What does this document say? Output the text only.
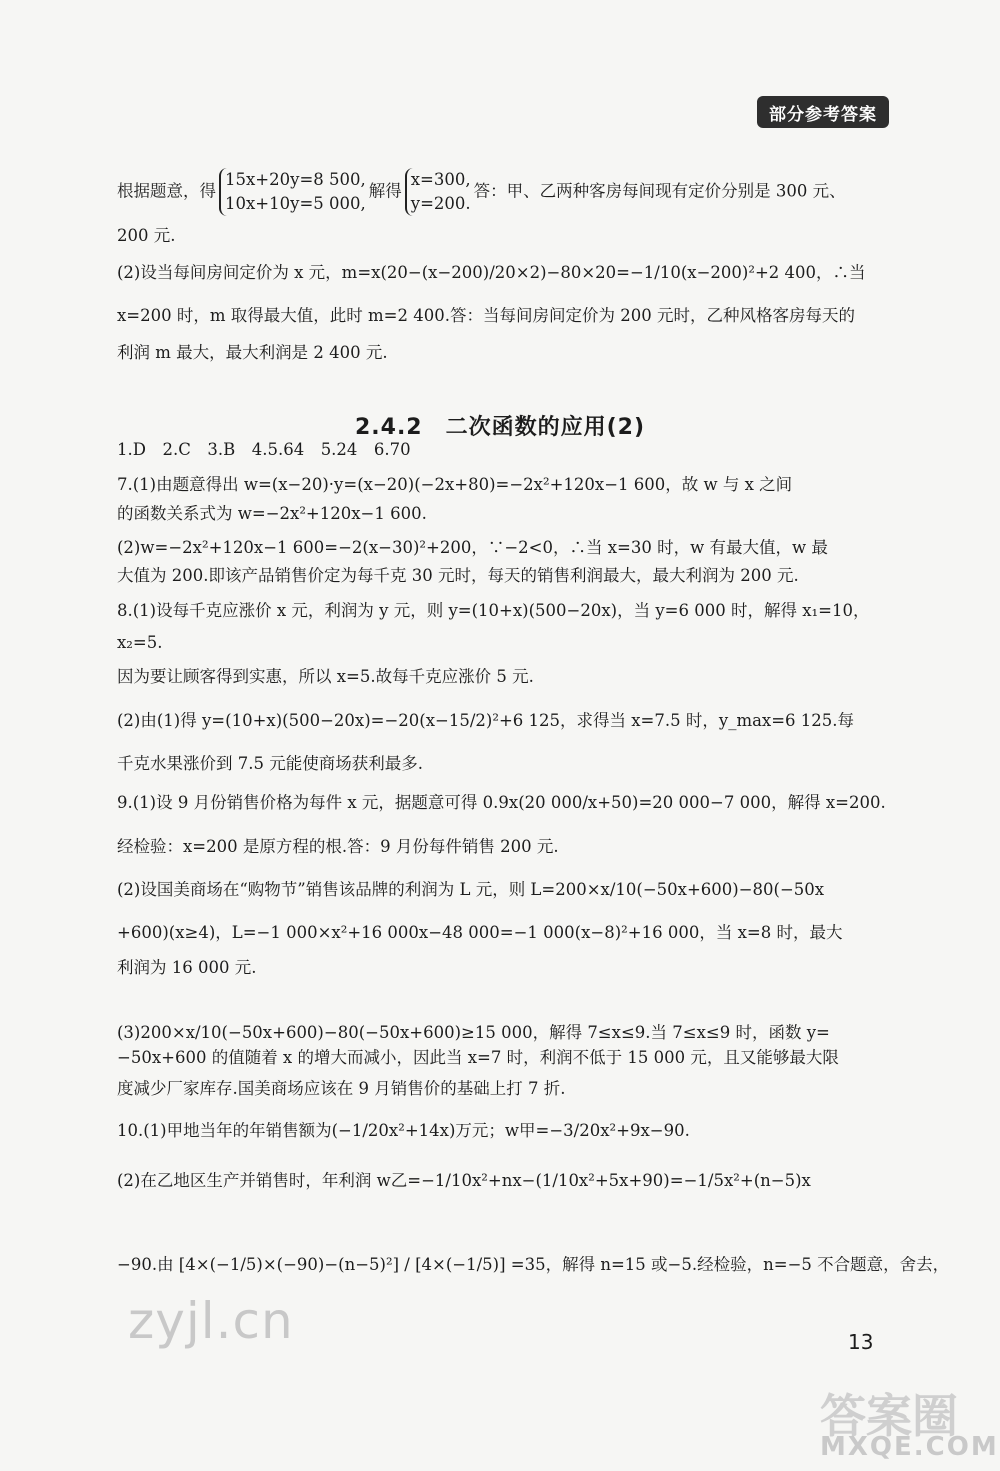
部分参考答案
根据题意，得
15x+20y=8 500,
10x+10y=5 000,
解得
x=300,
y=200.
答：甲、乙两种客房每间现有定价分别是 300 元、
200 元.
(2)设当每间房间定价为 x 元，m=x(20−(x−200)/20×2)−80×20=−1/10(x−200)²+2 400，∴当
x=200 时，m 取得最大值，此时 m=2 400.答：当每间房间定价为 200 元时，乙种风格客房每天的
利润 m 最大，最大利润是 2 400 元.
2.4.2　二次函数的应用(2)
1.D　2.C　3.B　4.5.64　5.24　6.70
7.(1)由题意得出 w=(x−20)·y=(x−20)(−2x+80)=−2x²+120x−1 600，故 w 与 x 之间
的函数关系式为 w=−2x²+120x−1 600.
(2)w=−2x²+120x−1 600=−2(x−30)²+200，∵−2<0，∴当 x=30 时，w 有最大值，w 最
大值为 200.即该产品销售价定为每千克 30 元时，每天的销售利润最大，最大利润为 200 元.
8.(1)设每千克应涨价 x 元，利润为 y 元，则 y=(10+x)(500−20x)，当 y=6 000 时，解得 x₁=10，
x₂=5.
因为要让顾客得到实惠，所以 x=5.故每千克应涨价 5 元.
(2)由(1)得 y=(10+x)(500−20x)=−20(x−15/2)²+6 125，求得当 x=7.5 时，y_max=6 125.每
千克水果涨价到 7.5 元能使商场获利最多.
9.(1)设 9 月份销售价格为每件 x 元，据题意可得 0.9x(20 000/x+50)=20 000−7 000，解得 x=200.
经检验：x=200 是原方程的根.答：9 月份每件销售 200 元.
(2)设国美商场在“购物节”销售该品牌的利润为 L 元，则 L=200×x/10(−50x+600)−80(−50x
+600)(x≥4)，L=−1 000×x²+16 000x−48 000=−1 000(x−8)²+16 000，当 x=8 时，最大
利润为 16 000 元.
(3)200×x/10(−50x+600)−80(−50x+600)≥15 000，解得 7≤x≤9.当 7≤x≤9 时，函数 y=
−50x+600 的值随着 x 的增大而减小，因此当 x=7 时，利润不低于 15 000 元，且又能够最大限
度减少厂家库存.国美商场应该在 9 月销售价的基础上打 7 折.
10.(1)甲地当年的年销售额为(−1/20x²+14x)万元；w甲=−3/20x²+9x−90.
(2)在乙地区生产并销售时，年利润 w乙=−1/10x²+nx−(1/10x²+5x+90)=−1/5x²+(n−5)x
−90.由 [4×(−1/5)×(−90)−(n−5)²] / [4×(−1/5)] =35，解得 n=15 或−5.经检验，n=−5 不合题意，舍去，
zyjl.cn	13
答案圈
MXQE.COM
